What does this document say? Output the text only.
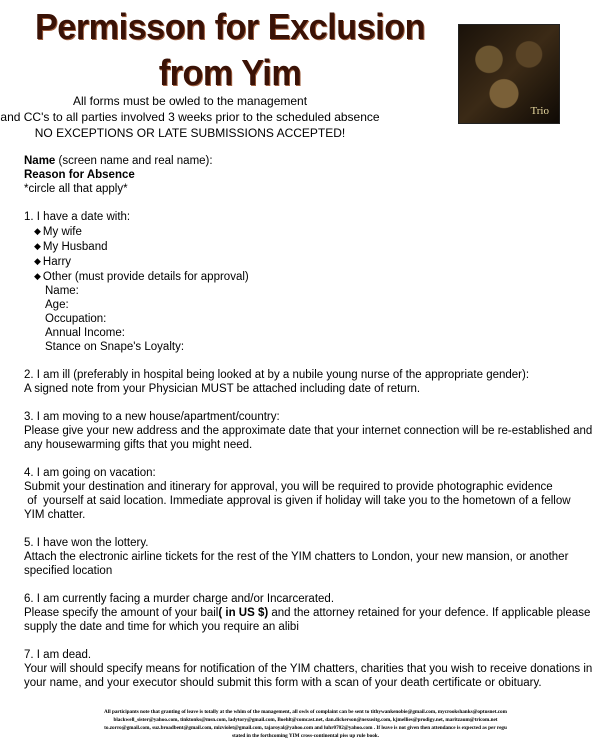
Permisson for Exclusion
from Yim
Trio
All forms must be owled to the management
and CC's to all parties involved 3 weeks prior to the scheduled absence
NO EXCEPTIONS OR LATE SUBMISSIONS ACCEPTED!
Name (screen name and real name):
Reason for Absence
*circle all that apply*
1. I have a date with:
◆ My wife
◆ My Husband
◆ Harry
◆ Other (must provide details for approval)
Name:
Age:
Occupation:
Annual Income:
Stance on Snape's Loyalty:
2. I am ill (preferably in hospital being looked at by a nubile young nurse of the appropriate gender):
A signed note from your Physician MUST be attached including date of return.
3. I am moving to a new house/apartment/country:
Please give your new address and the approximate date that your internet connection will be re-established and any housewarming gifts that you might need.
4. I am going on vacation:
Submit your destination and itinerary for approval, you will be required to provide photographic evidence
of  yourself at said location. Immediate approval is given if holiday will take you to the hometown of a fellow
YIM chatter.
5. I have won the lottery.
Attach the electronic airline tickets for the rest of the YIM chatters to London, your new mansion, or another specified location
6. I am currently facing a murder charge and/or Incarcerated.
Please specify the amount of your bail( in US $) and the attorney retained for your defence. If applicable please supply the date and time for which you require an alibi
7. I am dead.
Your will should specify means for notification of the YIM chatters, charities that you wish to receive donations in your name, and your executor should submit this form with a scan of your death certificate or obituary.
All participants note that granting of leave is totally at the whim of the management, all owls of complaint can be sent to tithywankenobie@gmail.com, mycrookshanks@optusnet.com
blackwell_sister@yahoo.com, tinktonks@msn.com, ladytory@gmail.com, Boehlt@comcast.net, dan.dickerson@nexusitg.com, kjmellies@prodigy.net, maritzaum@tricom.net
to.zorro@gmail.com, suz.broadbent@gmail.com, mizviolet@gmail.com, tajaroyal@yahoo.com and luhr0702@yahoo.com . If leave is not given then attendance is expected as per regu
stated in the forthcoming YIM cross-continental piss up rule book.
